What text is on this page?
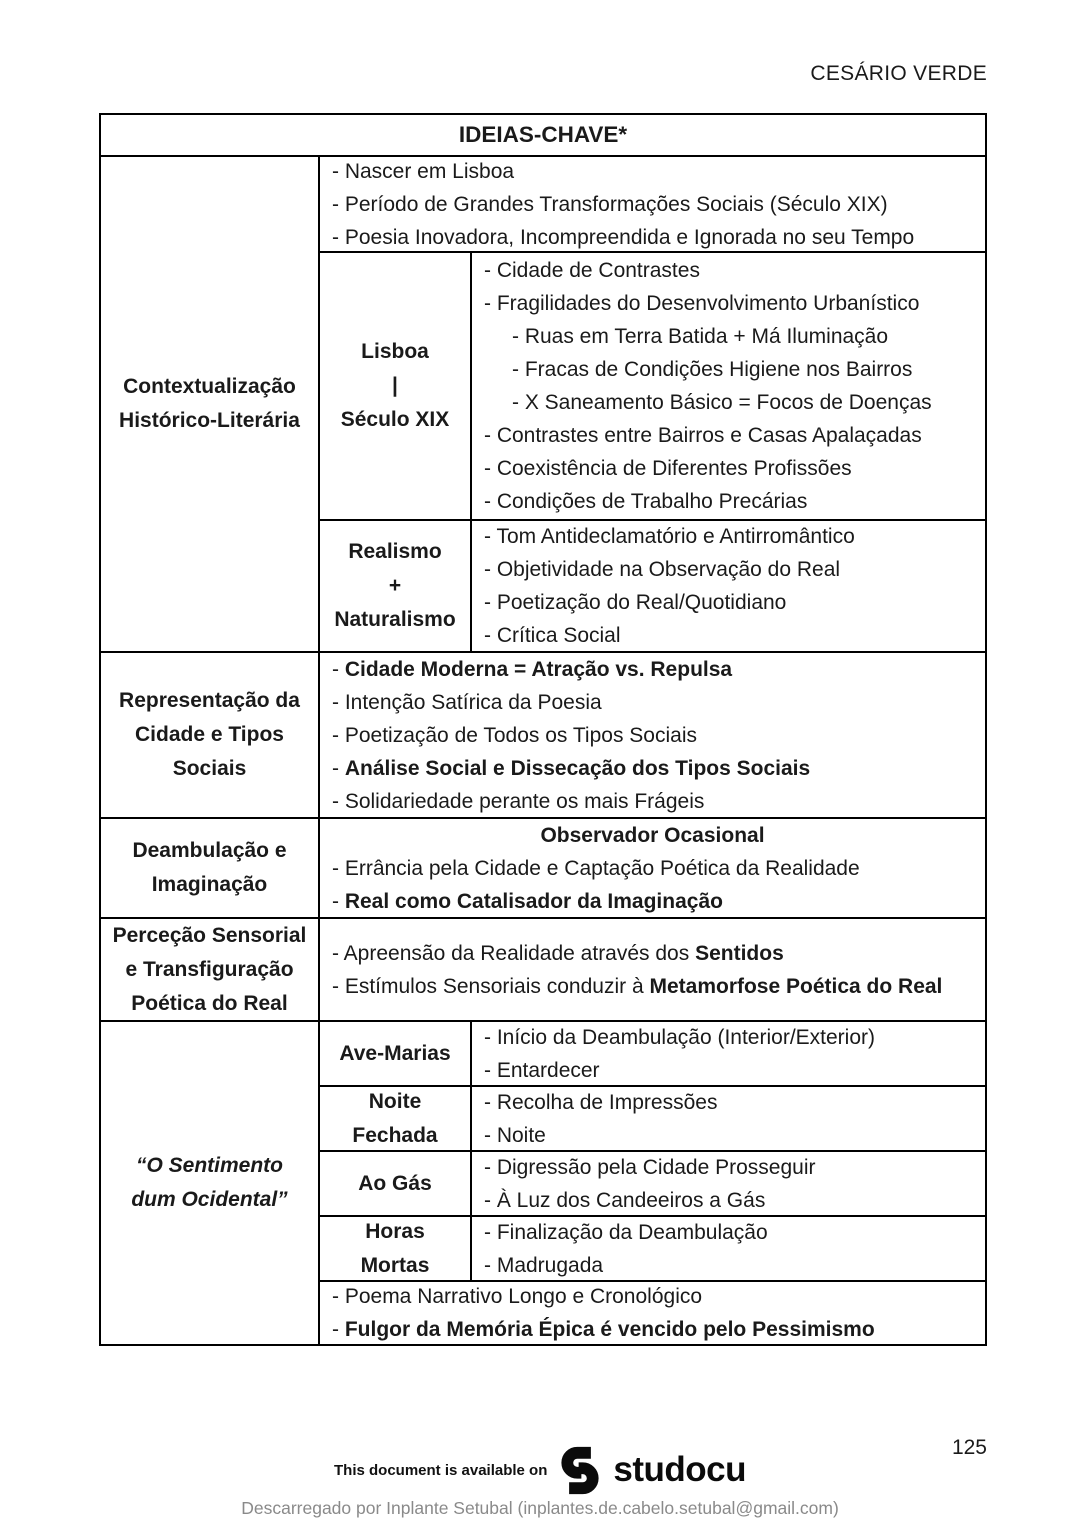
CESÁRIO VERDE
IDEIAS-CHAVE*
Contextualização
Histórico-Literária
- Nascer em Lisboa
- Período de Grandes Transformações Sociais (Século XIX)
- Poesia Inovadora, Incompreendida e Ignorada no seu Tempo
Lisboa
|
Século XIX
- Cidade de Contrastes
- Fragilidades do Desenvolvimento Urbanístico
- Ruas em Terra Batida + Má Iluminação
- Fracas de Condições Higiene nos Bairros
- X Saneamento Básico = Focos de Doenças
- Contrastes entre Bairros e Casas Apalaçadas
- Coexistência de Diferentes Profissões
- Condições de Trabalho Precárias
Realismo
+
Naturalismo
- Tom Antideclamatório e Antirromântico
- Objetividade na Observação do Real
- Poetização do Real/Quotidiano
- Crítica Social
Representação da
Cidade e Tipos
Sociais
- Cidade Moderna = Atração vs. Repulsa
- Intenção Satírica da Poesia
- Poetização de Todos os Tipos Sociais
- Análise Social e Dissecação dos Tipos Sociais
- Solidariedade perante os mais Frágeis
Deambulação e
Imaginação
Observador Ocasional
- Errância pela Cidade e Captação Poética da Realidade
- Real como Catalisador da Imaginação
Perceção Sensorial
e Transfiguração
Poética do Real
- Apreensão da Realidade através dos Sentidos
- Estímulos Sensoriais conduzir à Metamorfose Poética do Real
“O Sentimento
dum Ocidental”
Ave-Marias
- Início da Deambulação (Interior/Exterior)
- Entardecer
Noite
Fechada
- Recolha de Impressões
- Noite
Ao Gás
- Digressão pela Cidade Prosseguir
- À Luz dos Candeeiros a Gás
Horas
Mortas
- Finalização da Deambulação
- Madrugada
- Poema Narrativo Longo e Cronológico
- Fulgor da Memória Épica é vencido pelo Pessimismo
125
This document is available on studocu
Descarregado por Inplante Setubal (inplantes.de.cabelo.setubal@gmail.com)
